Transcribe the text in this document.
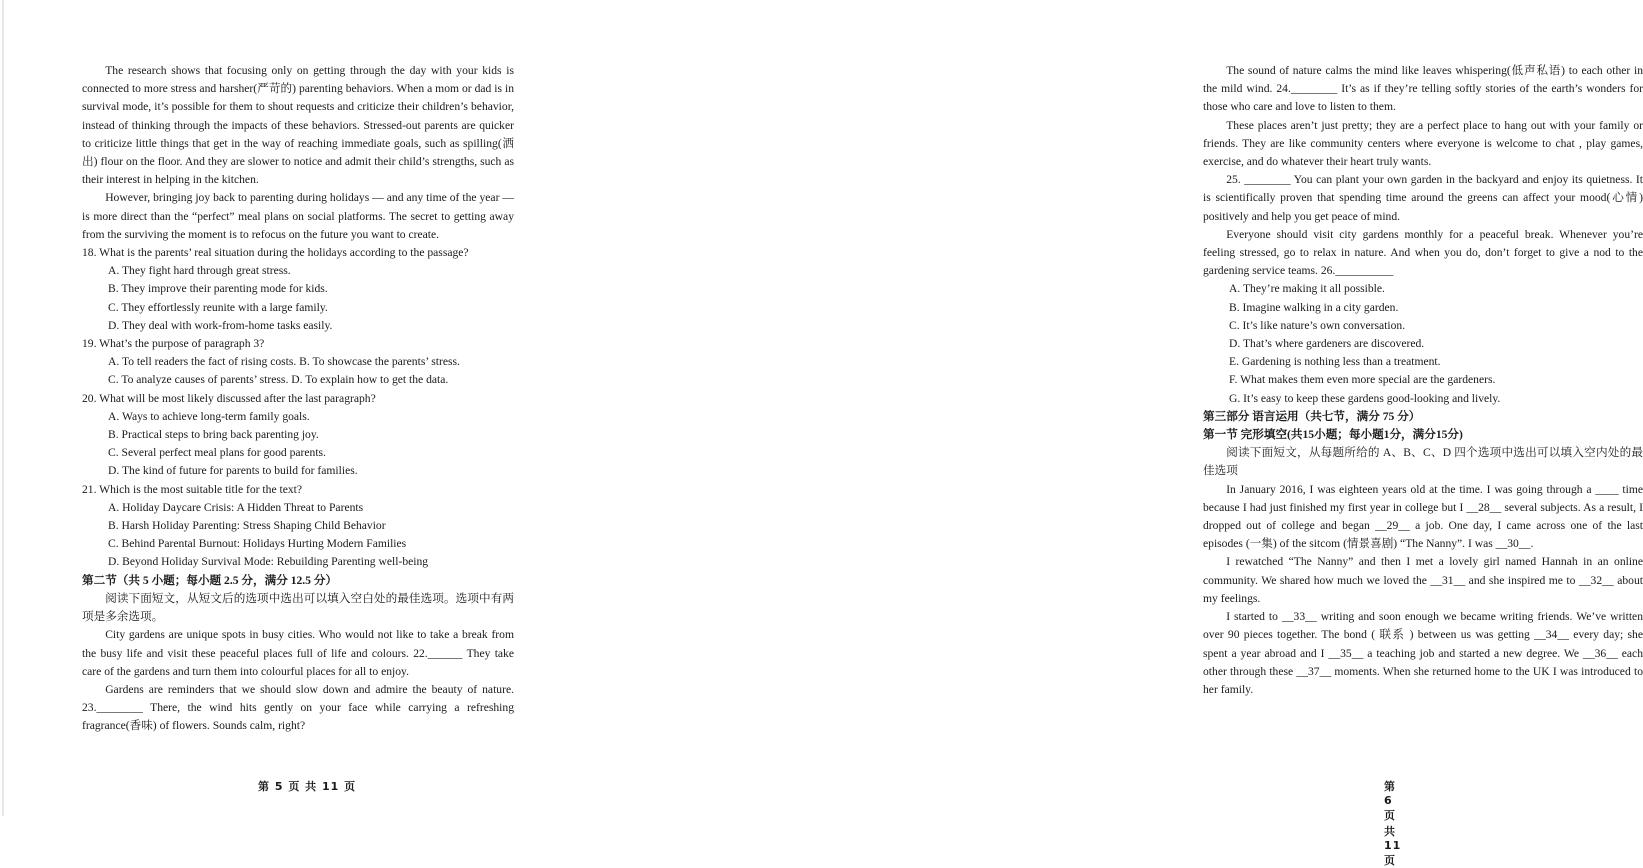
The research shows that focusing only on getting through the day with your kids is connected to more stress and harsher(严苛的) parenting behaviors. When a mom or dad is in survival mode, it’s possible for them to shout requests and criticize their children’s behavior, instead of thinking through the impacts of these behaviors. Stressed-out parents are quicker to criticize little things that get in the way of reaching immediate goals, such as spilling(洒出) flour on the floor. And they are slower to notice and admit their child’s strengths, such as their interest in helping in the kitchen.

However, bringing joy back to parenting during holidays — and any time of the year — is more direct than the “perfect” meal plans on social platforms. The secret to getting away from the surviving the moment is to refocus on the future you want to create.

18. What is the parents’ real situation during the holidays according to the passage?

A. They fight hard through great stress.

B. They improve their parenting mode for kids.

C. They effortlessly reunite with a large family.

D. They deal with work-from-home tasks easily.

19. What’s the purpose of paragraph 3?

A. To tell readers the fact of rising costs. B. To showcase the parents’ stress.

C. To analyze causes of parents’ stress. D. To explain how to get the data.

20. What will be most likely discussed after the last paragraph?

A. Ways to achieve long-term family goals.

B. Practical steps to bring back parenting joy.

C. Several perfect meal plans for good parents.

D. The kind of future for parents to build for families.

21. Which is the most suitable title for the text?

A. Holiday Daycare Crisis: A Hidden Threat to Parents

B. Harsh Holiday Parenting: Stress Shaping Child Behavior

C. Behind Parental Burnout: Holidays Hurting Modern Families

D. Beyond Holiday Survival Mode: Rebuilding Parenting well-being

第二节（共 5 小题；每小题 2.5 分，满分 12.5 分）

阅读下面短文，从短文后的选项中选出可以填入空白处的最佳选项。选项中有两项是多余选项。

City gardens are unique spots in busy cities. Who would not like to take a break from the busy life and visit these peaceful places full of life and colours. 22.______ They take care of the gardens and turn them into colourful places for all to enjoy.

Gardens are reminders that we should slow down and admire the beauty of nature. 23.________ There, the wind hits gently on your face while carrying a refreshing fragrance(香味) of flowers. Sounds calm, right?

第 5 页 共 11 页

The sound of nature calms the mind like leaves whispering(低声私语) to each other in the mild wind. 24.________ It’s as if they’re telling softly stories of the earth’s wonders for those who care and love to listen to them.

These places aren’t just pretty; they are a perfect place to hang out with your family or friends. They are like community centers where everyone is welcome to chat , play games, exercise, and do whatever their heart truly wants.

25. ________ You can plant your own garden in the backyard and enjoy its quietness. It is scientifically proven that spending time around the greens can affect your mood(心情) positively and help you get peace of mind.

Everyone should visit city gardens monthly for a peaceful break. Whenever you’re feeling stressed, go to relax in nature. And when you do, don’t forget to give a nod to the gardening service teams. 26.__________

A. They’re making it all possible.

B. Imagine walking in a city garden.

C. It’s like nature’s own conversation.

D. That’s where gardeners are discovered.

E. Gardening is nothing less than a treatment.

F. What makes them even more special are the gardeners.

G. It’s easy to keep these gardens good-looking and lively.

第三部分 语言运用（共七节，满分 75 分）

第一节 完形填空(共15小题；每小题1分，满分15分)

阅读下面短文，从每题所给的 A、B、C、D 四个选项中选出可以填入空内处的最佳选项

In January 2016, I was eighteen years old at the time. I was going through a ____ time because I had just finished my first year in college but I __28__ several subjects. As a result, I dropped out of college and began __29__ a job. One day, I came across one of the last episodes (一集) of the sitcom (情景喜剧) “The Nanny”. I was __30__.

I rewatched “The Nanny” and then I met a lovely girl named Hannah in an online community. We shared how much we loved the __31__ and she inspired me to __32__ about my feelings.

I started to __33__ writing and soon enough we became writing friends. We’ve written over 90 pieces together. The bond ( 联系 ) between us was getting __34__ every day; she spent a year abroad and I __35__ a teaching job and started a new degree. We __36__ each other through these __37__ moments. When she returned home to the UK I was introduced to her family.

第 6 页 共 11 页
